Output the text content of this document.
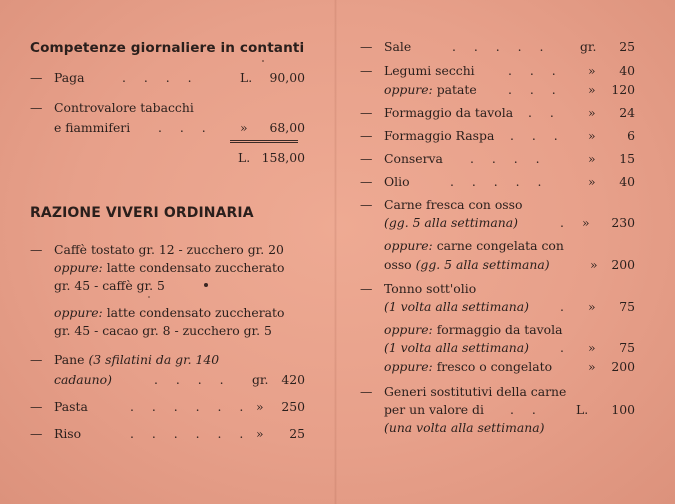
Competenze giornaliere in contanti
— Paga	. . . .	L. 90,00
— Controvalore tabacchi
e fiammiferi . . . » 68,00
L. 158,00
RAZIONE VIVERI ORDINARIA
— Caffè tostato gr. 12 - zucchero gr. 20
oppure: latte condensato zuccherato
gr. 45 - caffè gr. 5
oppure: latte condensato zuccherato
gr. 45 - cacao gr. 8 - zucchero gr. 5
— Pane (3 sfilatini da gr. 140
cadauno)	. . . . gr. 420
— Pasta	. . . . . . » 250
— Riso	. . . . . . » 25
— Sale	. . . . . gr. 25
— Legumi secchi	. . . » 40
oppure: patate	. . . » 120
— Formaggio da tavola . . » 24
— Formaggio Raspa . . . »	6
— Conserva . . . .	» 15
— Olio	. . . . .	» 40
— Carne fresca con osso
(gg. 5 alla settimana)	. » 230
oppure: carne congelata con
osso (gg. 5 alla settimana)	» 200
— Tonno sott'olio
(1 volta alla settimana)	. » 75
oppure: formaggio da tavola
(1 volta alla settimana)	. » 75
oppure: fresco o congelato	» 200
— Generi sostitutivi della carne
per un valore di . .	L. 100
(una volta alla settimana)
